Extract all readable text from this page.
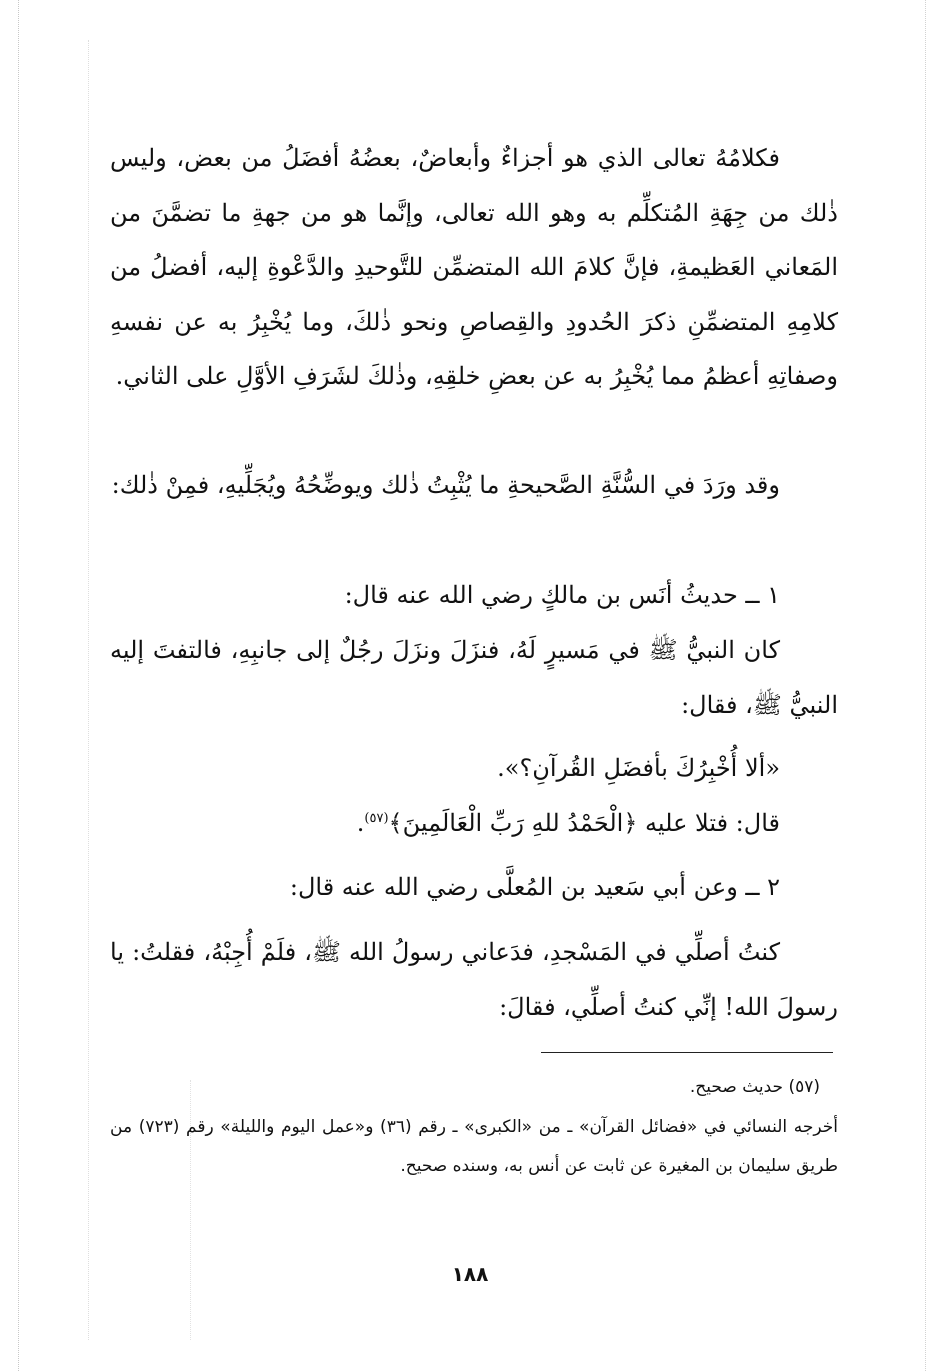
فكلامُهُ تعالى الذي هو أجزاءٌ وأبعاضٌ، بعضُهُ أفضَلُ من بعض، وليس ذٰلك من جِهَةِ المُتكلِّم به وهو الله تعالى، وإنَّما هو من جهةِ ما تضمَّنَ من المَعاني العَظيمةِ، فإنَّ كلامَ الله المتضمِّن للتَّوحيدِ والدَّعْوةِ إليه، أفضلُ من كلامِهِ المتضمِّنِ ذكرَ الحُدودِ والقِصاصِ ونحو ذٰلكَ، وما يُخْبِرُ به عن نفسهِ وصفاتِهِ أعظمُ مما يُخْبِرُ به عن بعضِ خلقِهِ، وذٰلكَ لشَرَفِ الأوَّلِ على الثاني.

وقد ورَدَ في السُّنَّةِ الصَّحيحةِ ما يُثْبِتُ ذٰلك ويوضِّحُهُ ويُجَلِّيهِ، فمِنْ ذٰلك:

١ ــ حديثُ أنَس بن مالكٍ رضي الله عنه قال:

كان النبيُّ ﷺ في مَسيرٍ لَهُ، فنزَلَ ونزَلَ رجُلٌ إلى جانبِهِ، فالتفتَ إليه النبيُّ ﷺ، فقال:

«ألا أُخْبِرُكَ بأفضَلِ القُرآنِ؟».

قال: فتلا عليه ﴿الْحَمْدُ للهِ رَبِّ الْعَالَمِينَ﴾$^{(٥٧)}$.

٢ ــ وعن أبي سَعيد بن المُعلَّى رضي الله عنه قال:

كنتُ أصلِّي في المَسْجدِ، فدَعاني رسولُ الله ﷺ، فلَمْ أُجِبْهُ، فقلتُ: يا رسولَ الله! إنِّي كنتُ أصلِّي، فقالَ:

(٥٧) حديث صحيح.

أخرجه النسائي في «فضائل القرآن» ـ من «الكبرى» ـ رقم (٣٦) و«عمل اليوم والليلة» رقم (٧٢٣) من طريق سليمان بن المغيرة عن ثابت عن أنس به، وسنده صحيح.

١٨٨
